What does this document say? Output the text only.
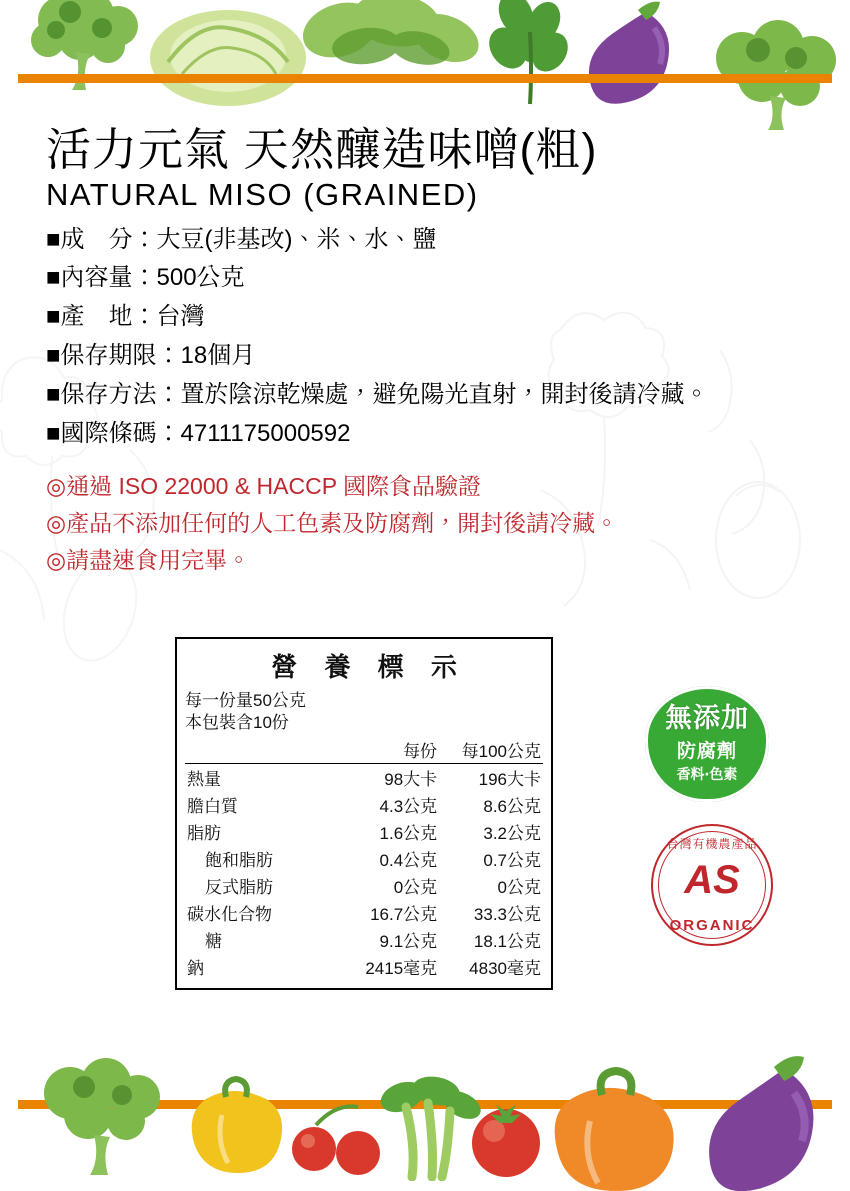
活力元氣 天然釀造味噌(粗)
NATURAL MISO (GRAINED)
■成　分：大豆(非基改)、米、水、鹽
■內容量：500公克
■產　地：台灣
■保存期限：18個月
■保存方法：置於陰涼乾燥處，避免陽光直射，開封後請冷藏。
■國際條碼：4711175000592
◎通過 ISO 22000 & HACCP 國際食品驗證
◎產品不添加任何的人工色素及防腐劑，開封後請冷藏。
◎請盡速食用完畢。
營 養 標 示
每一份量50公克
本包裝含10份
	每份	每100公克
熱量	98大卡	196大卡
膽白質	4.3公克	8.6公克
脂肪	1.6公克	3.2公克
飽和脂肪	0.4公克	0.7公克
反式脂肪	0公克	0公克
碳水化合物	16.7公克	33.3公克
糖	9.1公克	18.1公克
鈉	2415毫克	4830毫克
無添加
防腐劑
香料‧色素
台灣有機農產品
AS
ORGANIC
